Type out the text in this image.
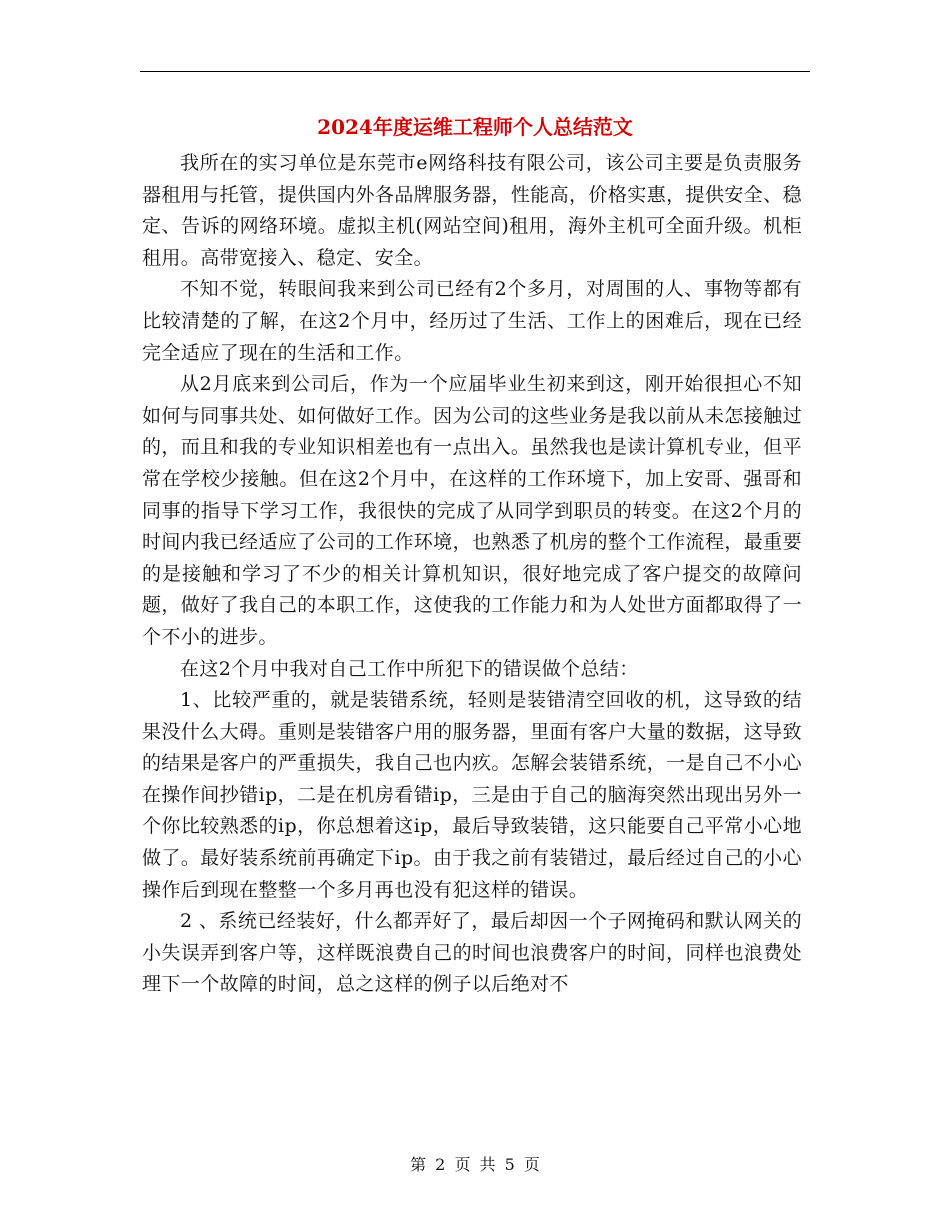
2024年度运维工程师个人总结范文

我所在的实习单位是东莞市e网络科技有限公司，该公司主要是负责服务器租用与托管，提供国内外各品牌服务器，性能高，价格实惠，提供安全、稳定、告诉的网络环境。虚拟主机(网站空间)租用，海外主机可全面升级。机柜租用。高带宽接入、稳定、安全。

不知不觉，转眼间我来到公司已经有2个多月，对周围的人、事物等都有比较清楚的了解，在这2个月中，经历过了生活、工作上的困难后，现在已经完全适应了现在的生活和工作。

从2月底来到公司后，作为一个应届毕业生初来到这，刚开始很担心不知如何与同事共处、如何做好工作。因为公司的这些业务是我以前从未怎接触过的，而且和我的专业知识相差也有一点出入。虽然我也是读计算机专业，但平常在学校少接触。但在这2个月中，在这样的工作环境下，加上安哥、强哥和同事的指导下学习工作，我很快的完成了从同学到职员的转变。在这2个月的时间内我已经适应了公司的工作环境，也熟悉了机房的整个工作流程，最重要的是接触和学习了不少的相关计算机知识，很好地完成了客户提交的故障问题，做好了我自己的本职工作，这使我的工作能力和为人处世方面都取得了一个不小的进步。

在这2个月中我对自己工作中所犯下的错误做个总结：

1、比较严重的，就是装错系统，轻则是装错清空回收的机，这导致的结果没什么大碍。重则是装错客户用的服务器，里面有客户大量的数据，这导致的结果是客户的严重损失，我自己也内疚。怎解会装错系统，一是自己不小心在操作间抄错ip，二是在机房看错ip，三是由于自己的脑海突然出现出另外一个你比较熟悉的ip，你总想着这ip，最后导致装错，这只能要自己平常小心地做了。最好装系统前再确定下ip。由于我之前有装错过，最后经过自己的小心操作后到现在整整一个多月再也没有犯这样的错误。

2 、系统已经装好，什么都弄好了，最后却因一个子网掩码和默认网关的小失误弄到客户等，这样既浪费自己的时间也浪费客户的时间，同样也浪费处理下一个故障的时间，总之这样的例子以后绝对不

第 2 页 共 5 页
